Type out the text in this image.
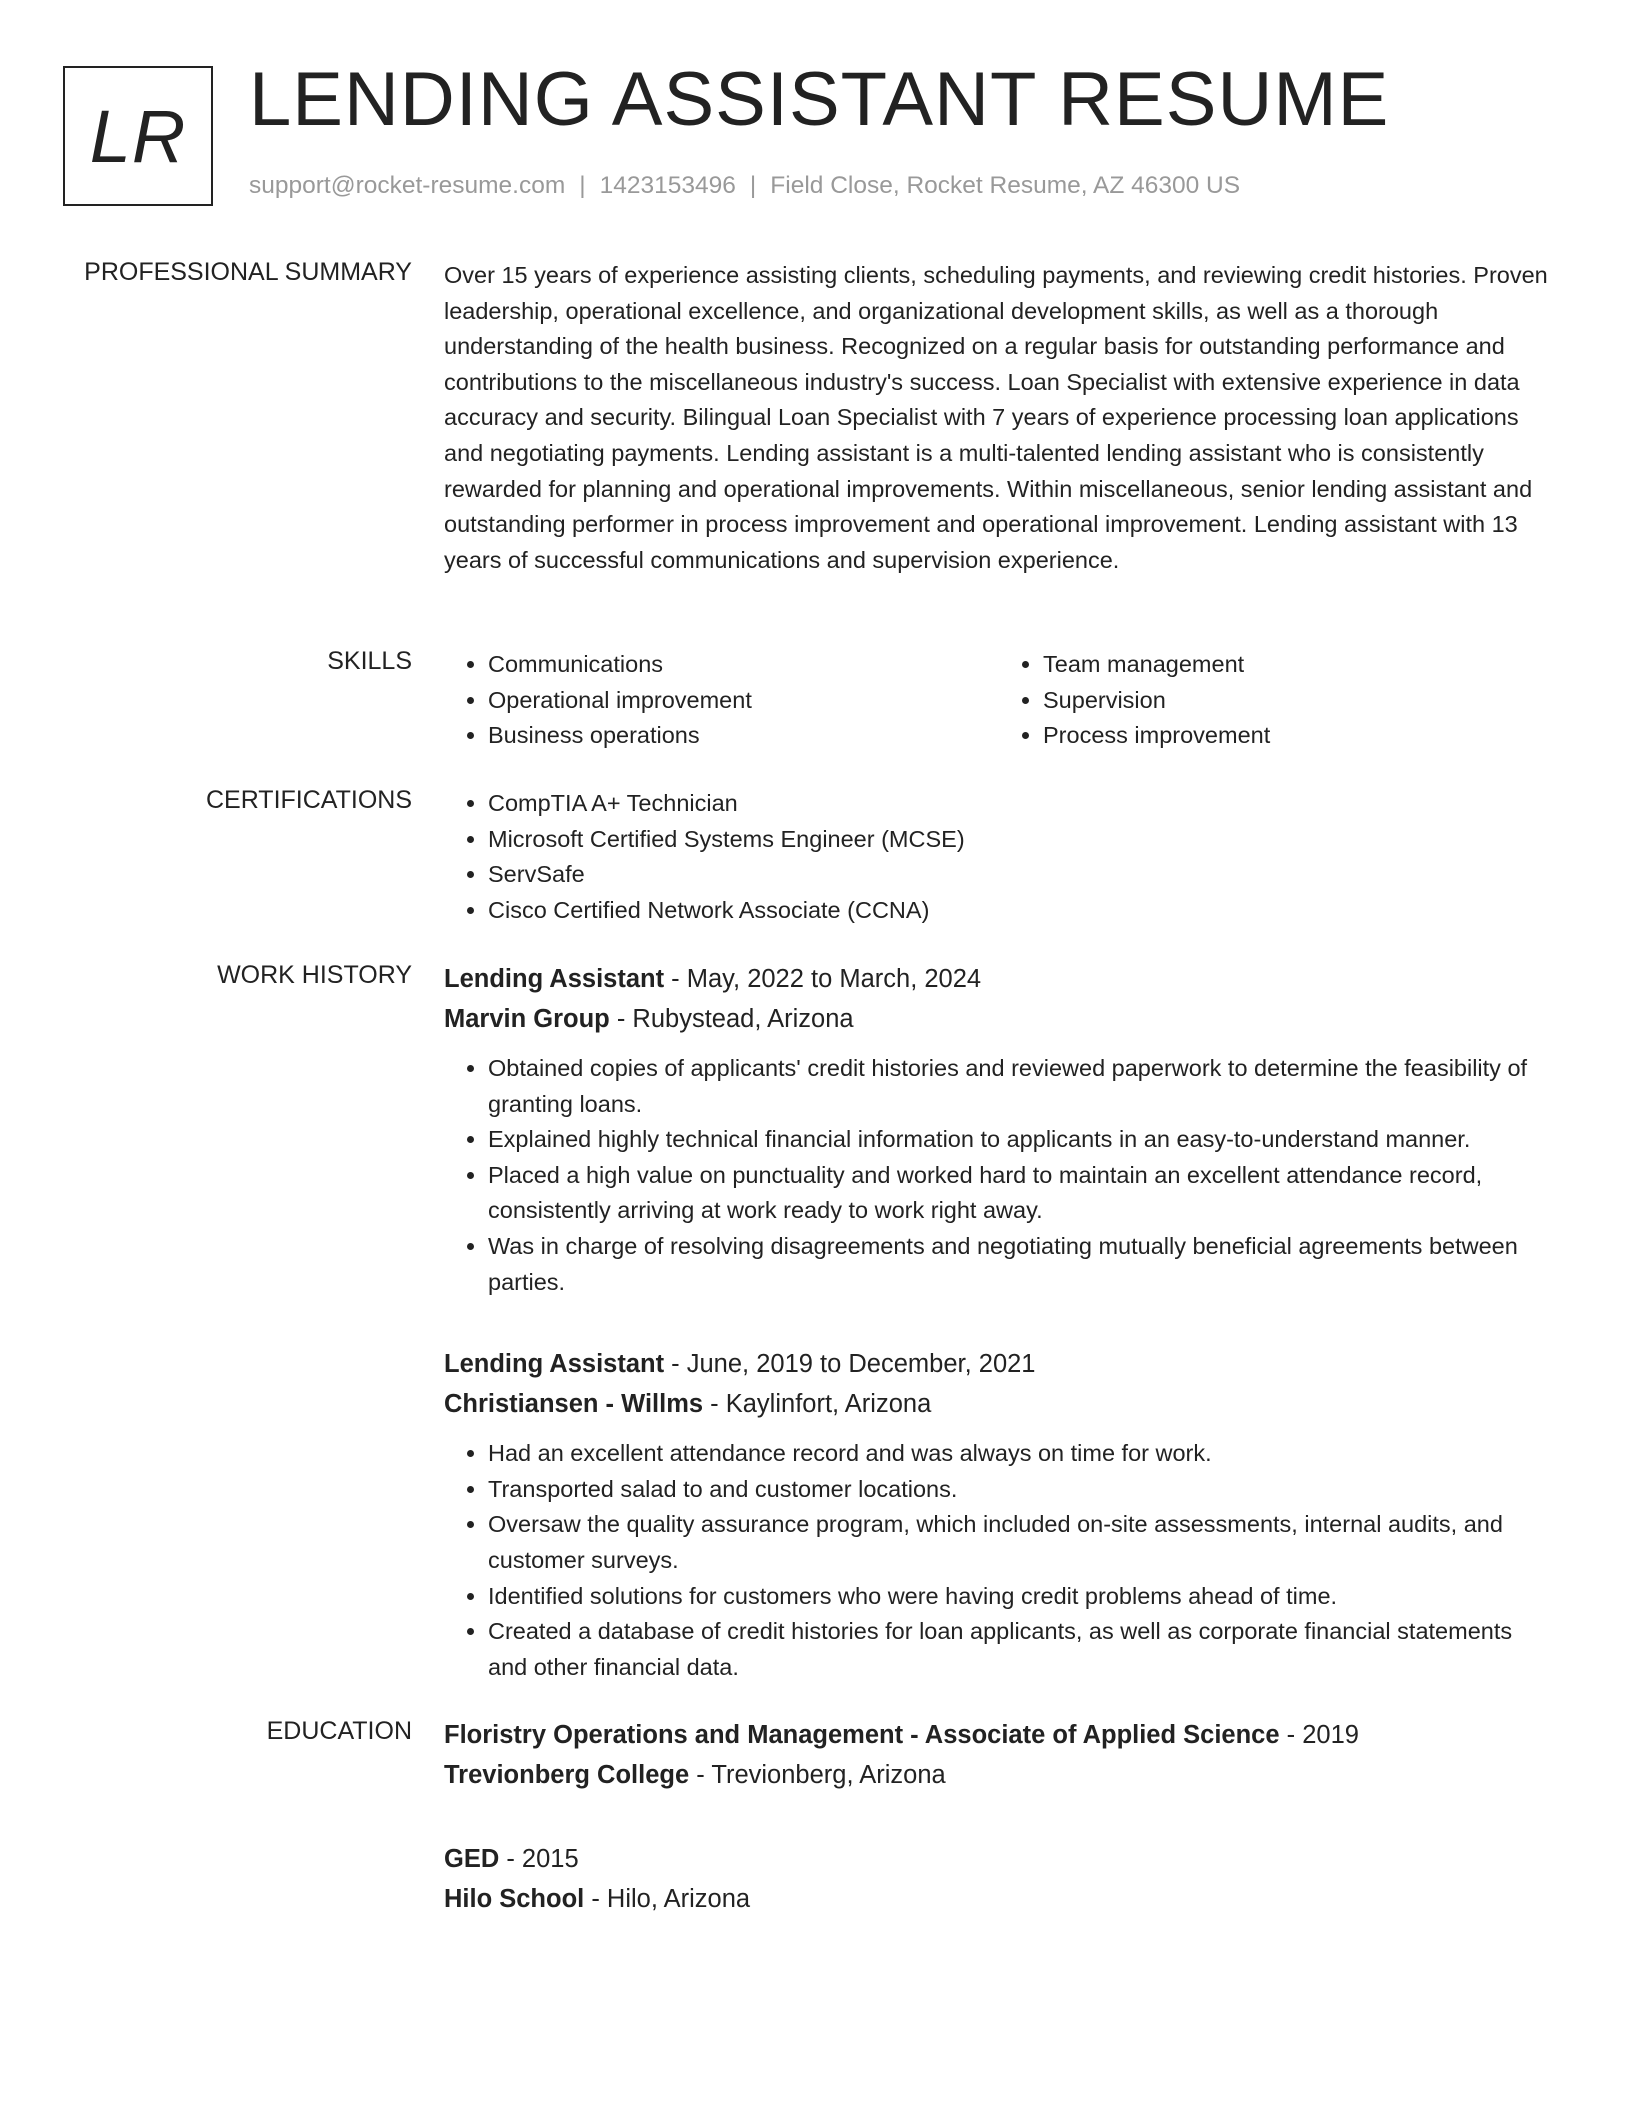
LR LENDING ASSISTANT RESUME
support@rocket-resume.com | 1423153496 | Field Close, Rocket Resume, AZ 46300 US
PROFESSIONAL SUMMARY Over 15 years of experience assisting clients, scheduling payments, and reviewing credit histories. Proven leadership, operational excellence, and organizational development skills, as well as a thorough understanding of the health business. Recognized on a regular basis for outstanding performance and contributions to the miscellaneous industry's success. Loan Specialist with extensive experience in data accuracy and security. Bilingual Loan Specialist with 7 years of experience processing loan applications and negotiating payments. Lending assistant is a multi-talented lending assistant who is consistently rewarded for planning and operational improvements. Within miscellaneous, senior lending assistant and outstanding performer in process improvement and operational improvement. Lending assistant with 13 years of successful communications and supervision experience.

SKILLS	• Communications
• Operational improvement
• Business operations
• Team management
• Supervision
• Process improvement
CERTIFICATIONS	• CompTIA A+ Technician
• Microsoft Certified Systems Engineer (MCSE)
• ServSafe
• Cisco Certified Network Associate (CCNA)
WORK HISTORY Lending Assistant - May, 2022 to March, 2024
Marvin Group - Rubystead, Arizona
• Obtained copies of applicants' credit histories and reviewed paperwork to determine the feasibility of granting loans.
• Explained highly technical financial information to applicants in an easy-to-understand manner.
• Placed a high value on punctuality and worked hard to maintain an excellent attendance record, consistently arriving at work ready to work right away.
• Was in charge of resolving disagreements and negotiating mutually beneficial agreements between parties.
Lending Assistant - June, 2019 to December, 2021
Christiansen - Willms - Kaylinfort, Arizona
• Had an excellent attendance record and was always on time for work.
• Transported salad to and customer locations.
• Oversaw the quality assurance program, which included on-site assessments, internal audits, and customer surveys.
• Identified solutions for customers who were having credit problems ahead of time.
• Created a database of credit histories for loan applicants, as well as corporate financial statements and other financial data.
EDUCATION Floristry Operations and Management - Associate of Applied Science - 2019
Trevionberg College - Trevionberg, Arizona
GED - 2015
Hilo School - Hilo, Arizona
